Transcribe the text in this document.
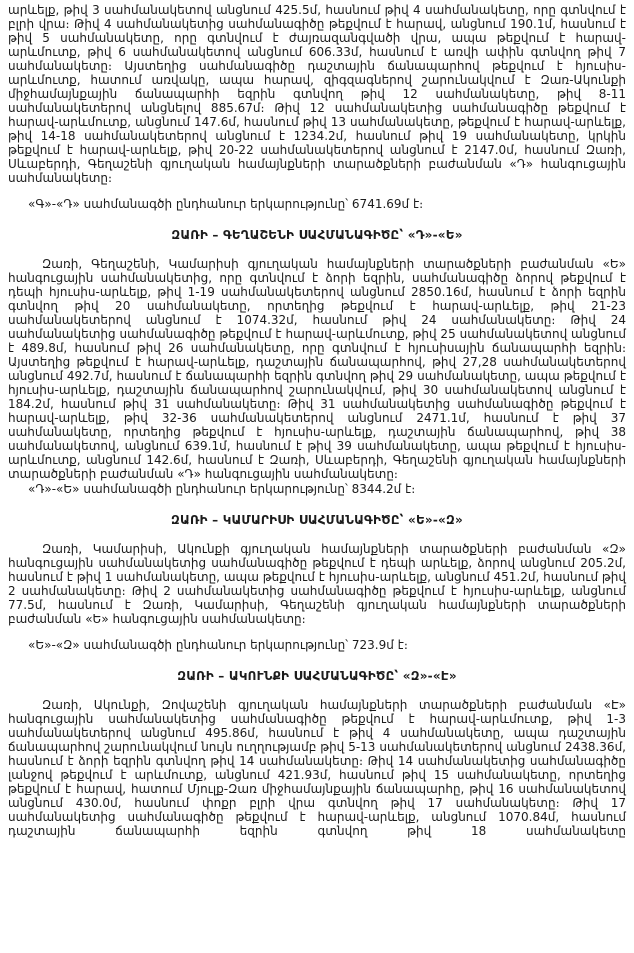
արևելք, թիվ 3 սահմանակետով անցնում 425.5մ, հասնում թիվ 4 սահմանակետը, որը գտնվում է բլրի վրա։ Թիվ 4 սահմանակետից սահմանագիծը թեքվում է հարավ, անցնում 190.1մ, հասնում է թիվ 5 սահմանակետը, որը գտնվում է ժայռազանգվածի վրա, ապա թեքվում է հարավ-արևմուտք, թիվ 6 սահմանակետով անցնում 606.33մ, հասնում է առվի ափին գտնվող թիվ 7 սահմանակետը։ Այստեղից սահմանագիծը դաշտային ճանապարհով թեքվում է հյուսիս-արևմուտք, հատում առվակը, ապա հարավ, զիգզագներով շարունակվում է Զառ-Ակունքի միջհամայնքային ճանապարհի եզրին գտնվող թիվ 12 սահմանակետը, թիվ 8-11 սահմանակետերով անցնելով 885.67մ։ Թիվ 12 սահմանակետից սահմանագիծը թեքվում է հարավ-արևմուտք, անցնում 147.6մ, հասնում թիվ 13 սահմանակետը, թեքվում է հարավ-արևելք, թիվ 14-18 սահմանակետերով անցնում է 1234.2մ, հասնում թիվ 19 սահմանակետը, կրկին թեքվում է հարավ-արևելք, թիվ 20-22 սահմանակետերով անցնում է 2147.0մ, հասնում Զառի, Սևաբերդի, Գեղաշենի գյուղական համայնքների տարածքների բաժանման «Դ» հանգուցային սահմանակետը։

«Գ»-«Դ» սահմանագծի ընդհանուր երկարությունը՝ 6741.69մ է։

ԶԱՌԻ – ԳԵՂԱՇԵՆԻ ՍԱՀՄԱՆԱԳԻԾԸ՝ «Դ»-«Ե»

Զառի, Գեղաշենի, Կամարիսի գյուղական համայնքների տարածքների բաժանման «Ե» հանգուցային սահմանակետից, որը գտնվում է ձորի եզրին, սահմանագիծը ձորով թեքվում է դեպի հյուսիս-արևելք, թիվ 1-19 սահմանակետերով անցնում 2850.16մ, հասնում է ձորի եզրին գտնվող թիվ 20 սահմանակետը, որտեղից թեքվում է հարավ-արևելք, թիվ 21-23 սահմանակետերով անցնում է 1074.32մ, հասնում թիվ 24 սահմանակետը։ Թիվ 24 սահմանակետից սահմանագիծը թեքվում է հարավ-արևմուտք, թիվ 25 սահմանակետով անցնում է 489.8մ, հասնում թիվ 26 սահմանակետը, որը գտնվում է հյուսիսային ճանապարհի եզրին։ Այստեղից թեքվում է հարավ-արևելք, դաշտային ճանապարհով, թիվ 27,28 սահմանակետերով անցնում 492.7մ, հասնում է ճանապարհի եզրին գտնվող թիվ 29 սահմանակետը, ապա թեքվում է հյուսիս-արևելք, դաշտային ճանապարհով շարունակվում, թիվ 30 սահմանակետով անցնում է 184.2մ, հասնում թիվ 31 սահմանակետը։ Թիվ 31 սահմանակետից սահմանագիծը թեքվում է հարավ-արևելք, թիվ 32-36 սահմանակետերով անցնում 2471.1մ, հասնում է թիվ 37 սահմանակետը, որտեղից թեքվում է հյուսիս-արևելք, դաշտային ճանապարհով, թիվ 38 սահմանակետով, անցնում 639.1մ, հասնում է թիվ 39 սահմանակետը, ապա թեքվում է հյուսիս-արևմուտք, անցնում 142.6մ, հասնում է Զառի, Սևաբերդի, Գեղաշենի գյուղական համայնքների տարածքների բաժանման «Դ» հանգուցային սահմանակետը։

«Դ»-«Ե» սահմանագծի ընդհանուր երկարությունը՝ 8344.2մ է։

ԶԱՌԻ – ԿԱՄԱՐԻՍԻ ՍԱՀՄԱՆԱԳԻԾԸ՝ «Ե»-«Զ»

Զառի, Կամարիսի, Ակունքի գյուղական համայնքների տարածքների բաժանման «Զ» հանգուցային սահմանակետից սահմանագիծը թեքվում է դեպի արևելք, ձորով անցնում 205.2մ, հասնում է թիվ 1 սահմանակետը, ապա թեքվում է հյուսիս-արևելք, անցնում 451.2մ, հասնում թիվ 2 սահմանակետը։ Թիվ 2 սահմանակետից սահմանագիծը թեքվում է հյուսիս-արևելք, անցնում 77.5մ, հասնում է Զառի, Կամարիսի, Գեղաշենի գյուղական համայնքների տարածքների բաժանման «Ե» հանգուցային սահմանակետը։

«Ե»-«Զ» սահմանագծի ընդհանուր երկարությունը՝ 723.9մ է։

ԶԱՌԻ – ԱԿՈՒՆՔԻ ՍԱՀՄԱՆԱԳԻԾԸ՝ «Զ»-«Է»

Զառի, Ակունքի, Զովաշենի գյուղական համայնքների տարածքների բաժանման «Է» հանգուցային սահմանակետից սահմանագիծը թեքվում է հարավ-արևմուտք, թիվ 1-3 սահմանակետերով անցնում 495.86մ, հասնում է թիվ 4 սահմանակետը, ապա դաշտային ճանապարհով շարունակվում նույն ուղղությամբ թիվ 5-13 սահմանակետերով անցնում 2438.36մ, հասնում է ձորի եզրին գտնվող թիվ 14 սահմանակետը։ Թիվ 14 սահմանակետից սահմանագիծը լանջով թեքվում է արևմուտք, անցնում 421.93մ, հասնում թիվ 15 սահմանակետը, որտեղից թեքվում է հարավ, հատում Մյուլք-Զառ միջհամայնքային ճանապարհը, թիվ 16 սահմանակետով անցնում 430.0մ, հասնում փոքր բլրի վրա գտնվող թիվ 17 սահմանակետը։ Թիվ 17 սահմանակետից սահմանագիծը թեքվում է հարավ-արևելք, անցնում 1070.84մ, հասնում դաշտային ճանապարհի եզրին գտնվող թիվ 18 սահմանակետը
